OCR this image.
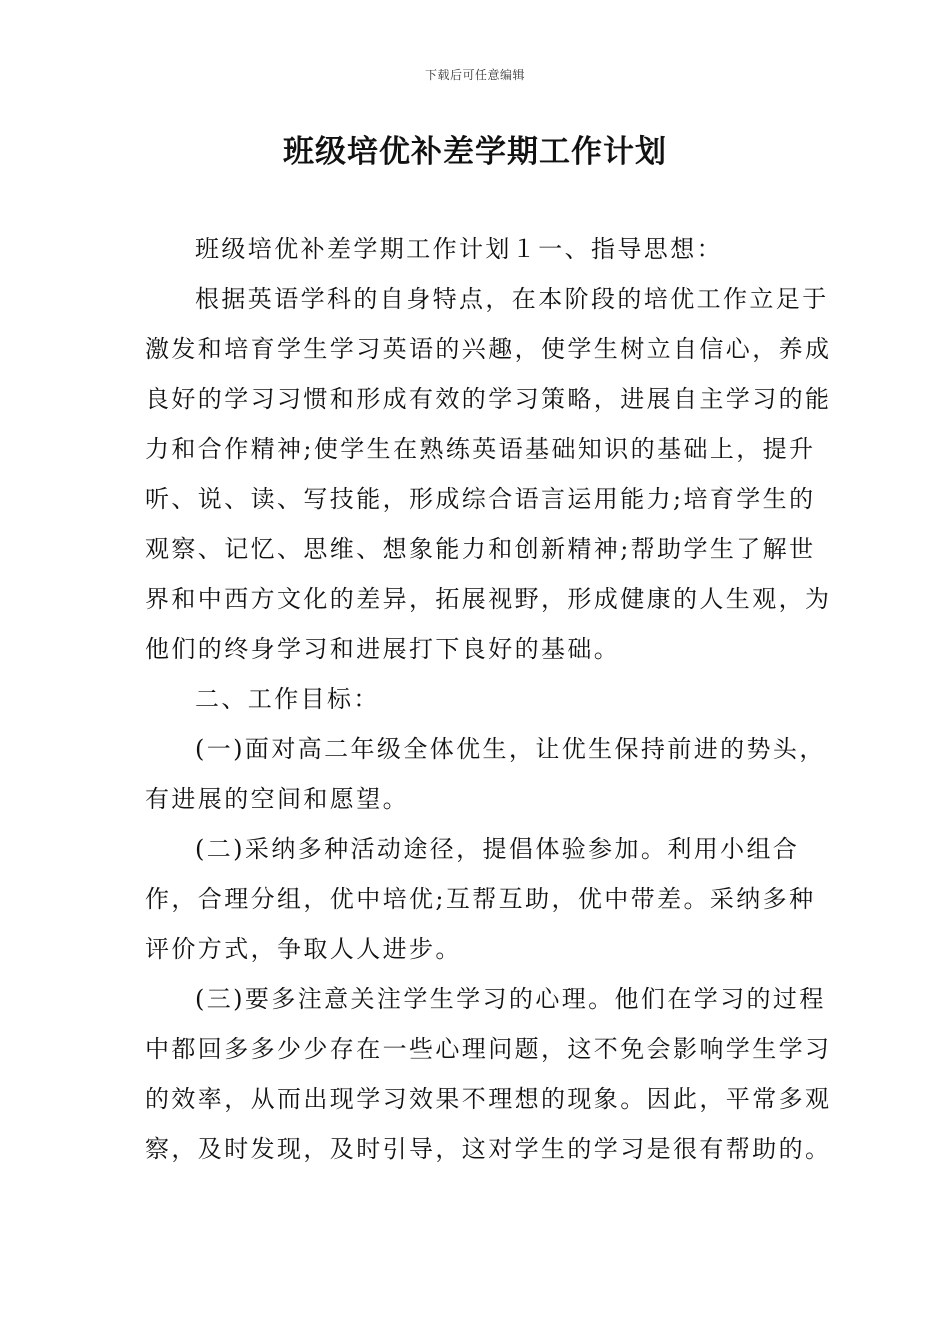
下载后可任意编辑
班级培优补差学期工作计划

班级培优补差学期工作计划１一、指导思想：

根据英语学科的自身特点，在本阶段的培优工作立足于激发和培育学生学习英语的兴趣，使学生树立自信心，养成良好的学习习惯和形成有效的学习策略，进展自主学习的能力和合作精神;使学生在熟练英语基础知识的基础上，提升听、说、读、写技能，形成综合语言运用能力;培育学生的观察、记忆、思维、想象能力和创新精神;帮助学生了解世界和中西方文化的差异，拓展视野，形成健康的人生观，为他们的终身学习和进展打下良好的基础。

二、工作目标：

(一)面对高二年级全体优生，让优生保持前进的势头，有进展的空间和愿望。

(二)采纳多种活动途径，提倡体验参加。利用小组合作，合理分组，优中培优;互帮互助，优中带差。采纳多种评价方式，争取人人进步。

(三)要多注意关注学生学习的心理。他们在学习的过程中都回多多少少存在一些心理问题，这不免会影响学生学习的效率，从而出现学习效果不理想的现象。因此，平常多观察，及时发现，及时引导，这对学生的学习是很有帮助的。
